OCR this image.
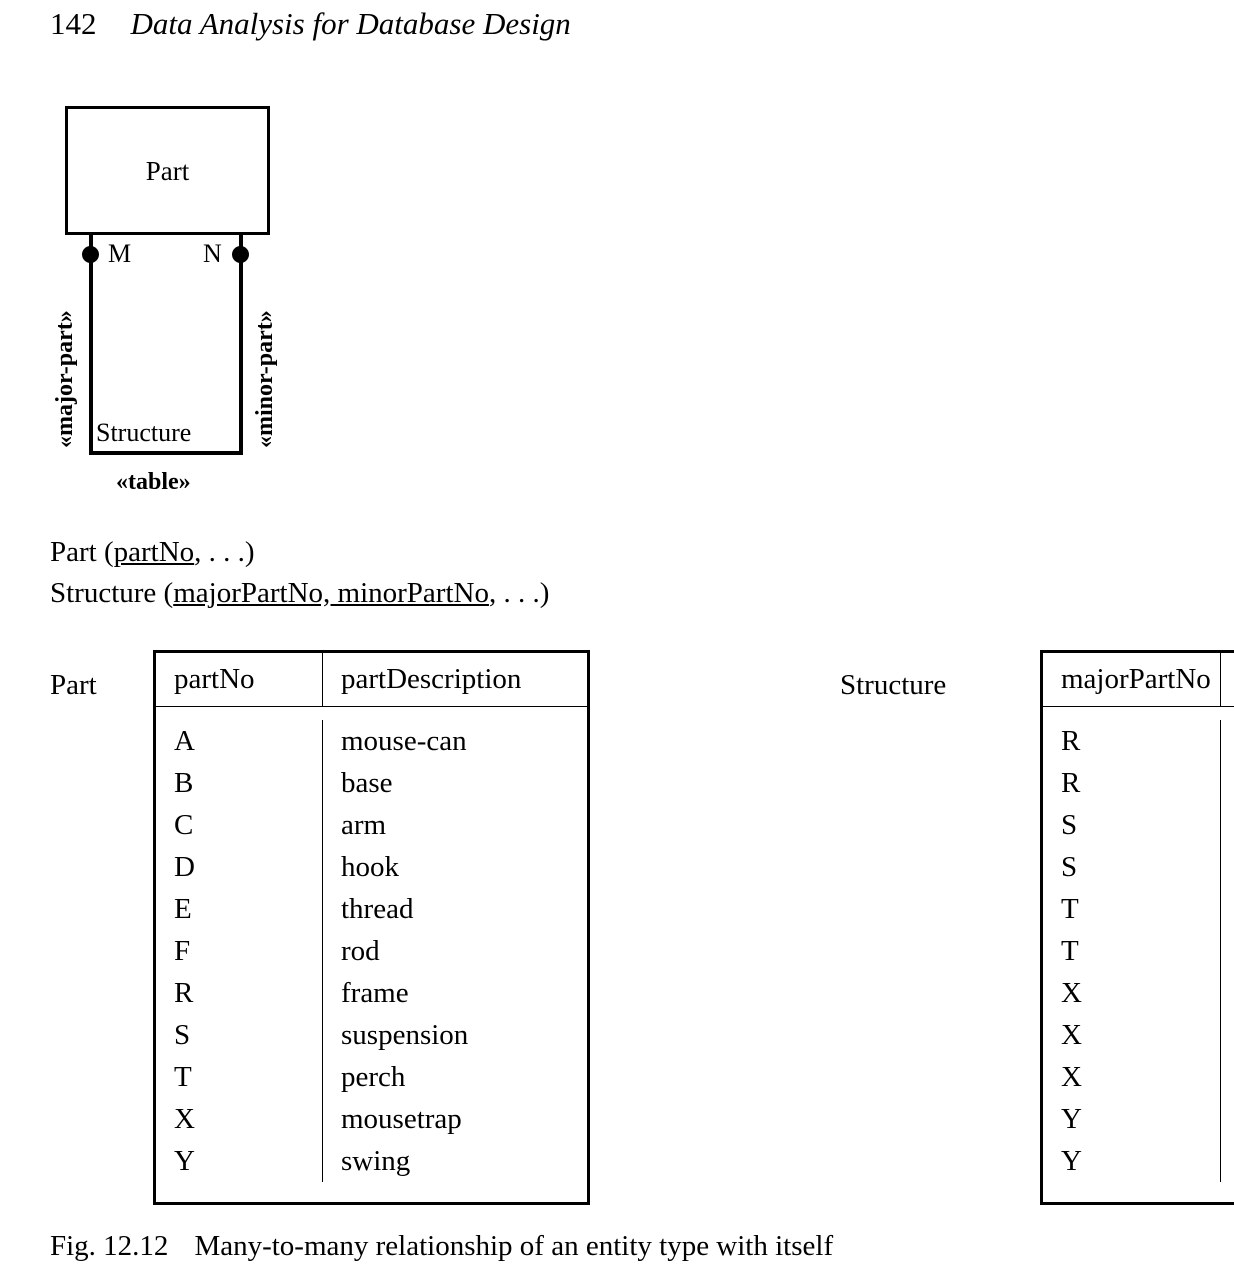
142 Data Analysis for Database Design
Part
M	N
Structure
«table»
«major-part»	«minor-part»
Part (partNo, . . .)
Structure (majorPartNo, minorPartNo, . . .)
Part	partNo	partDescription
A	mouse-can
B	base
C	arm
D	hook
E	thread
F	rod
R	frame
S	suspension
T	perch
X	mousetrap
Y	swing
Structure	majorPartNo
R
R
S
S
T
T
X
X
X
Y
Y
Fig. 12.12 Many-to-many relationship of an entity type with itself
